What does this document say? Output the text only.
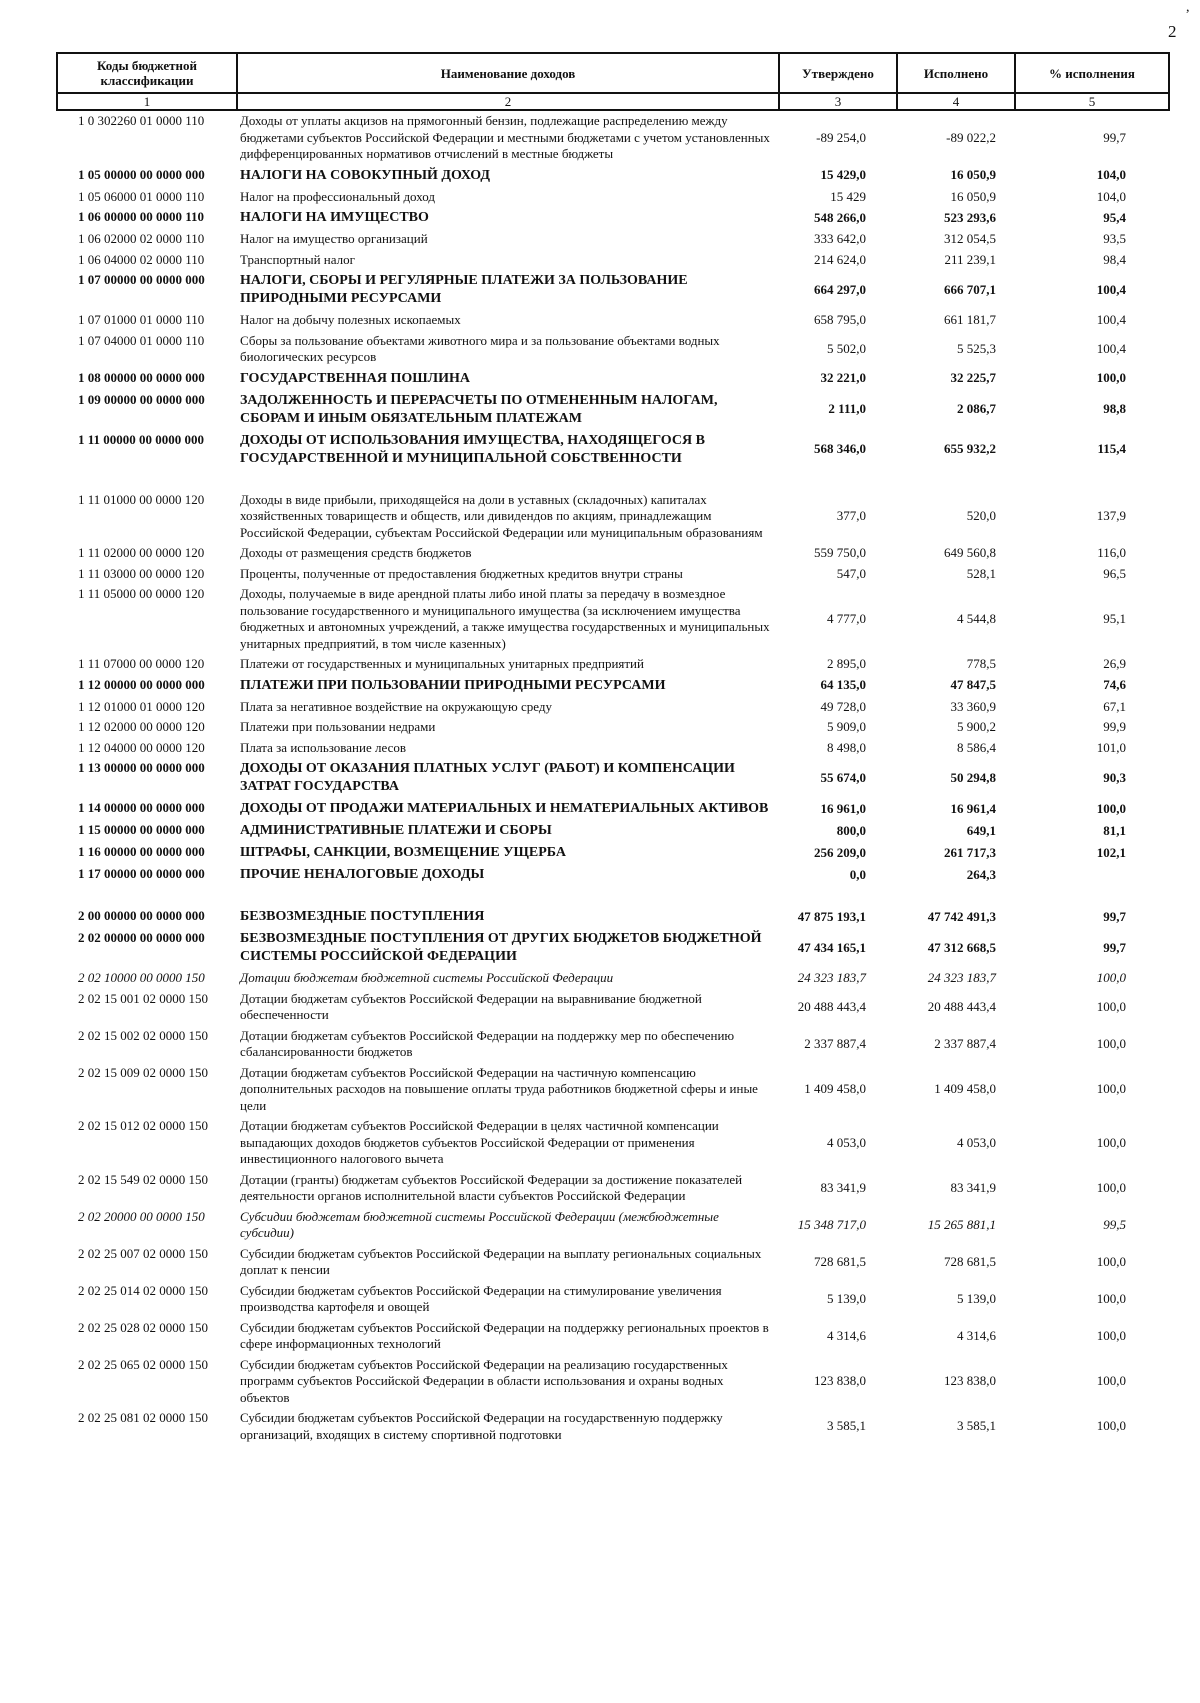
2
,
Коды бюджетной классификации	Наименование доходов	Утверждено	Исполнено	% исполнения
1	2	3	4	5
1 0 302260 01 0000 110	Доходы от уплаты акцизов на прямогонный бензин, подлежащие распределению между бюджетами субъектов Российской Федерации и местными бюджетами с учетом установленных дифференцированных нормативов отчислений в местные бюджеты	-89 254,0	-89 022,2	99,7
1 05 00000 00 0000 000	НАЛОГИ НА СОВОКУПНЫЙ ДОХОД	15 429,0	16 050,9	104,0
1 05 06000 01 0000 110	Налог на профессиональный доход	15 429	16 050,9	104,0
1 06 00000 00 0000 110	НАЛОГИ НА ИМУЩЕСТВО	548 266,0	523 293,6	95,4
1 06 02000 02 0000 110	Налог на имущество организаций	333 642,0	312 054,5	93,5
1 06 04000 02 0000 110	Транспортный налог	214 624,0	211 239,1	98,4
1 07 00000 00 0000 000	НАЛОГИ, СБОРЫ И РЕГУЛЯРНЫЕ ПЛАТЕЖИ ЗА ПОЛЬЗОВАНИЕ ПРИРОДНЫМИ РЕСУРСАМИ	664 297,0	666 707,1	100,4
1 07 01000 01 0000 110	Налог на добычу полезных ископаемых	658 795,0	661 181,7	100,4
1 07 04000 01 0000 110	Сборы за пользование объектами животного мира и за пользование объектами водных биологических ресурсов	5 502,0	5 525,3	100,4
1 08 00000 00 0000 000	ГОСУДАРСТВЕННАЯ ПОШЛИНА	32 221,0	32 225,7	100,0
1 09 00000 00 0000 000	ЗАДОЛЖЕННОСТЬ И ПЕРЕРАСЧЕТЫ ПО ОТМЕНЕННЫМ НАЛОГАМ, СБОРАМ И ИНЫМ ОБЯЗАТЕЛЬНЫМ ПЛАТЕЖАМ	2 111,0	2 086,7	98,8
1 11 00000 00 0000 000	ДОХОДЫ ОТ ИСПОЛЬЗОВАНИЯ ИМУЩЕСТВА, НАХОДЯЩЕГОСЯ В ГОСУДАРСТВЕННОЙ И МУНИЦИПАЛЬНОЙ СОБСТВЕННОСТИ	568 346,0	655 932,2	115,4

1 11 01000 00 0000 120	Доходы в виде прибыли, приходящейся на доли в уставных (складочных) капиталах хозяйственных товариществ и обществ, или дивидендов по акциям, принадлежащим Российской Федерации, субъектам Российской Федерации или муниципальным образованиям	377,0	520,0	137,9
1 11 02000 00 0000 120	Доходы от размещения средств бюджетов	559 750,0	649 560,8	116,0
1 11 03000 00 0000 120	Проценты, полученные от предоставления бюджетных кредитов внутри страны	547,0	528,1	96,5
1 11 05000 00 0000 120	Доходы, получаемые в виде арендной платы либо иной платы за передачу в возмездное пользование государственного и муниципального имущества (за исключением имущества бюджетных и автономных учреждений, а также имущества государственных и муниципальных унитарных предприятий, в том числе казенных)	4 777,0	4 544,8	95,1
1 11 07000 00 0000 120	Платежи от государственных и муниципальных унитарных предприятий	2 895,0	778,5	26,9
1 12 00000 00 0000 000	ПЛАТЕЖИ ПРИ ПОЛЬЗОВАНИИ ПРИРОДНЫМИ РЕСУРСАМИ	64 135,0	47 847,5	74,6
1 12 01000 01 0000 120	Плата за негативное воздействие на окружающую среду	49 728,0	33 360,9	67,1
1 12 02000 00 0000 120	Платежи при пользовании недрами	5 909,0	5 900,2	99,9
1 12 04000 00 0000 120	Плата за использование лесов	8 498,0	8 586,4	101,0
1 13 00000 00 0000 000	ДОХОДЫ ОТ ОКАЗАНИЯ ПЛАТНЫХ УСЛУГ (РАБОТ) И КОМПЕНСАЦИИ ЗАТРАТ ГОСУДАРСТВА	55 674,0	50 294,8	90,3
1 14 00000 00 0000 000	ДОХОДЫ ОТ ПРОДАЖИ МАТЕРИАЛЬНЫХ И НЕМАТЕРИАЛЬНЫХ АКТИВОВ	16 961,0	16 961,4	100,0
1 15 00000 00 0000 000	АДМИНИСТРАТИВНЫЕ ПЛАТЕЖИ И СБОРЫ	800,0	649,1	81,1
1 16 00000 00 0000 000	ШТРАФЫ, САНКЦИИ, ВОЗМЕЩЕНИЕ УЩЕРБА	256 209,0	261 717,3	102,1
1 17 00000 00 0000 000	ПРОЧИЕ НЕНАЛОГОВЫЕ ДОХОДЫ	0,0	264,3	

2 00 00000 00 0000 000	БЕЗВОЗМЕЗДНЫЕ ПОСТУПЛЕНИЯ	47 875 193,1	47 742 491,3	99,7
2 02 00000 00 0000 000	БЕЗВОЗМЕЗДНЫЕ ПОСТУПЛЕНИЯ ОТ ДРУГИХ БЮДЖЕТОВ БЮДЖЕТНОЙ СИСТЕМЫ РОССИЙСКОЙ ФЕДЕРАЦИИ	47 434 165,1	47 312 668,5	99,7
2 02 10000 00 0000 150	Дотации бюджетам бюджетной системы Российской Федерации	24 323 183,7	24 323 183,7	100,0
2 02 15 001 02 0000 150	Дотации бюджетам субъектов Российской Федерации на выравнивание бюджетной обеспеченности	20 488 443,4	20 488 443,4	100,0
2 02 15 002 02 0000 150	Дотации бюджетам субъектов Российской Федерации на поддержку мер по обеспечению сбалансированности бюджетов	2 337 887,4	2 337 887,4	100,0
2 02 15 009 02 0000 150	Дотации бюджетам субъектов Российской Федерации на частичную компенсацию дополнительных расходов на повышение оплаты труда работников бюджетной сферы и иные цели	1 409 458,0	1 409 458,0	100,0
2 02 15 012 02 0000 150	Дотации бюджетам субъектов Российской Федерации в целях частичной компенсации выпадающих доходов бюджетов субъектов Российской Федерации от применения инвестиционного налогового вычета	4 053,0	4 053,0	100,0
2 02 15 549 02 0000 150	Дотации (гранты) бюджетам субъектов Российской Федерации за достижение показателей деятельности органов исполнительной власти субъектов Российской Федерации	83 341,9	83 341,9	100,0
2 02 20000 00 0000 150	Субсидии бюджетам бюджетной системы Российской Федерации (межбюджетные субсидии)	15 348 717,0	15 265 881,1	99,5
2 02 25 007 02 0000 150	Субсидии бюджетам субъектов Российской Федерации на выплату региональных социальных доплат к пенсии	728 681,5	728 681,5	100,0
2 02 25 014 02 0000 150	Субсидии бюджетам субъектов Российской Федерации на стимулирование увеличения производства картофеля и овощей	5 139,0	5 139,0	100,0
2 02 25 028 02 0000 150	Субсидии бюджетам субъектов Российской Федерации на поддержку региональных проектов в сфере информационных технологий	4 314,6	4 314,6	100,0
2 02 25 065 02 0000 150	Субсидии бюджетам субъектов Российской Федерации на реализацию государственных программ субъектов Российской Федерации в области использования и охраны водных объектов	123 838,0	123 838,0	100,0
2 02 25 081 02 0000 150	Субсидии бюджетам субъектов Российской Федерации на государственную поддержку организаций, входящих в систему спортивной подготовки	3 585,1	3 585,1	100,0
